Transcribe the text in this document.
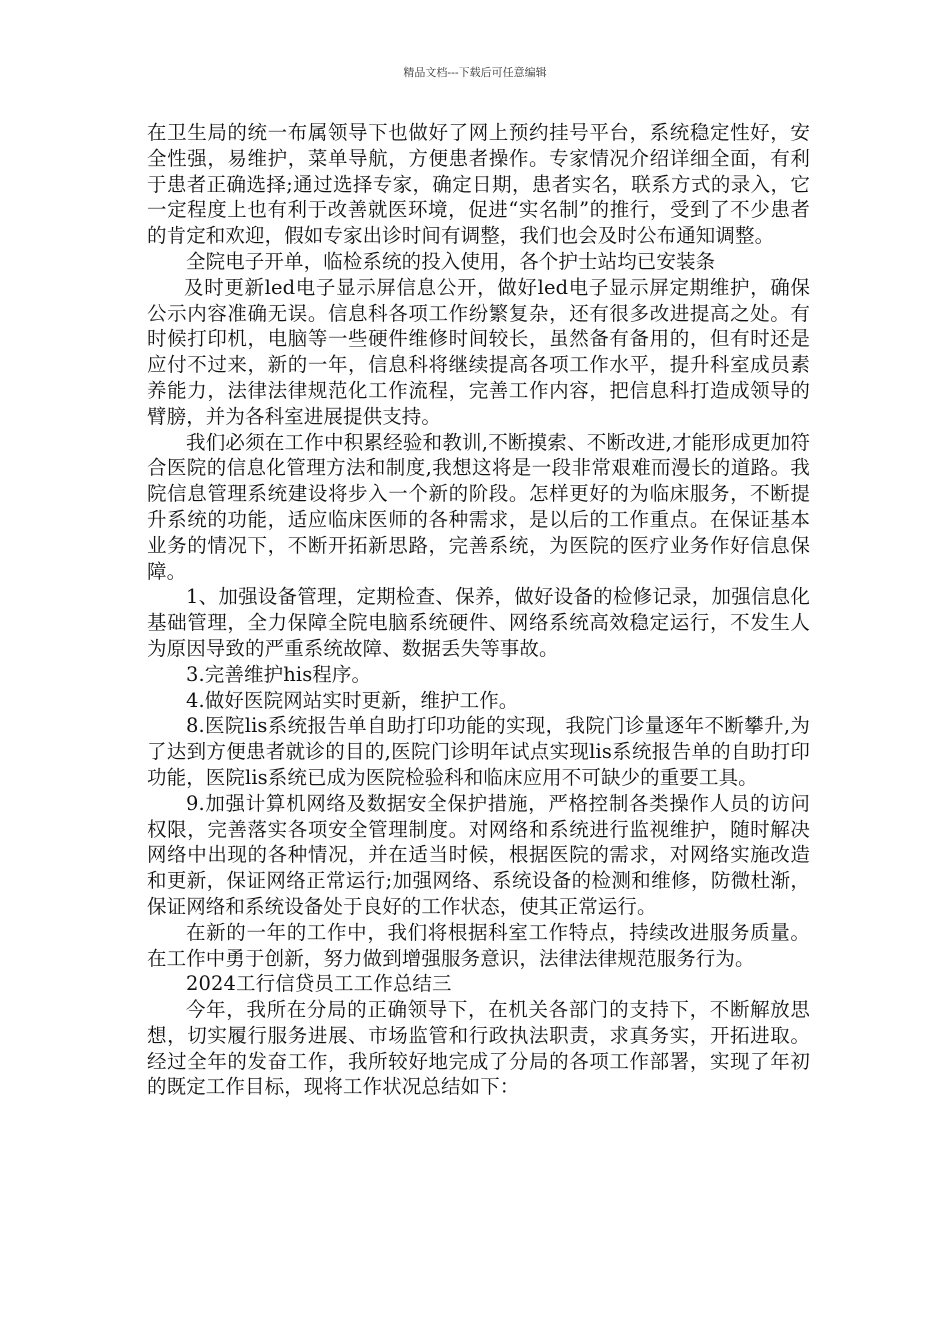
精品文档---下载后可任意编辑

在卫生局的统一布属领导下也做好了网上预约挂号平台，系统稳定性好，安全性强，易维护，菜单导航，方便患者操作。专家情况介绍详细全面，有利于患者正确选择;通过选择专家，确定日期，患者实名，联系方式的录入，它一定程度上也有利于改善就医环境，促进“实名制”的推行，受到了不少患者的肯定和欢迎，假如专家出诊时间有调整，我们也会及时公布通知调整。

全院电子开单，临检系统的投入使用，各个护士站均已安装条

及时更新led电子显示屏信息公开，做好led电子显示屏定期维护，确保公示内容准确无误。信息科各项工作纷繁复杂，还有很多改进提高之处。有时候打印机，电脑等一些硬件维修时间较长，虽然备有备用的，但有时还是应付不过来，新的一年，信息科将继续提高各项工作水平，提升科室成员素养能力，法律法律规范化工作流程，完善工作内容，把信息科打造成领导的臂膀，并为各科室进展提供支持。

我们必须在工作中积累经验和教训,不断摸索、不断改进,才能形成更加符合医院的信息化管理方法和制度,我想这将是一段非常艰难而漫长的道路。我院信息管理系统建设将步入一个新的阶段。怎样更好的为临床服务，不断提升系统的功能，适应临床医师的各种需求，是以后的工作重点。在保证基本业务的情况下，不断开拓新思路，完善系统，为医院的医疗业务作好信息保障。

1、加强设备管理，定期检查、保养，做好设备的检修记录，加强信息化基础管理，全力保障全院电脑系统硬件、网络系统高效稳定运行，不发生人为原因导致的严重系统故障、数据丢失等事故。

3.完善维护his程序。

4.做好医院网站实时更新，维护工作。

8.医院lis系统报告单自助打印功能的实现，我院门诊量逐年不断攀升,为了达到方便患者就诊的目的,医院门诊明年试点实现lis系统报告单的自助打印功能，医院lis系统已成为医院检验科和临床应用不可缺少的重要工具。

9.加强计算机网络及数据安全保护措施，严格控制各类操作人员的访问权限，完善落实各项安全管理制度。对网络和系统进行监视维护，随时解决网络中出现的各种情况，并在适当时候，根据医院的需求，对网络实施改造和更新，保证网络正常运行;加强网络、系统设备的检测和维修，防微杜渐，保证网络和系统设备处于良好的工作状态，使其正常运行。

在新的一年的工作中，我们将根据科室工作特点，持续改进服务质量。在工作中勇于创新，努力做到增强服务意识，法律法律规范服务行为。

2024工行信贷员工工作总结三

今年，我所在分局的正确领导下，在机关各部门的支持下，不断解放思想，切实履行服务进展、市场监管和行政执法职责，求真务实，开拓进取。经过全年的发奋工作，我所较好地完成了分局的各项工作部署，实现了年初的既定工作目标，现将工作状况总结如下：
